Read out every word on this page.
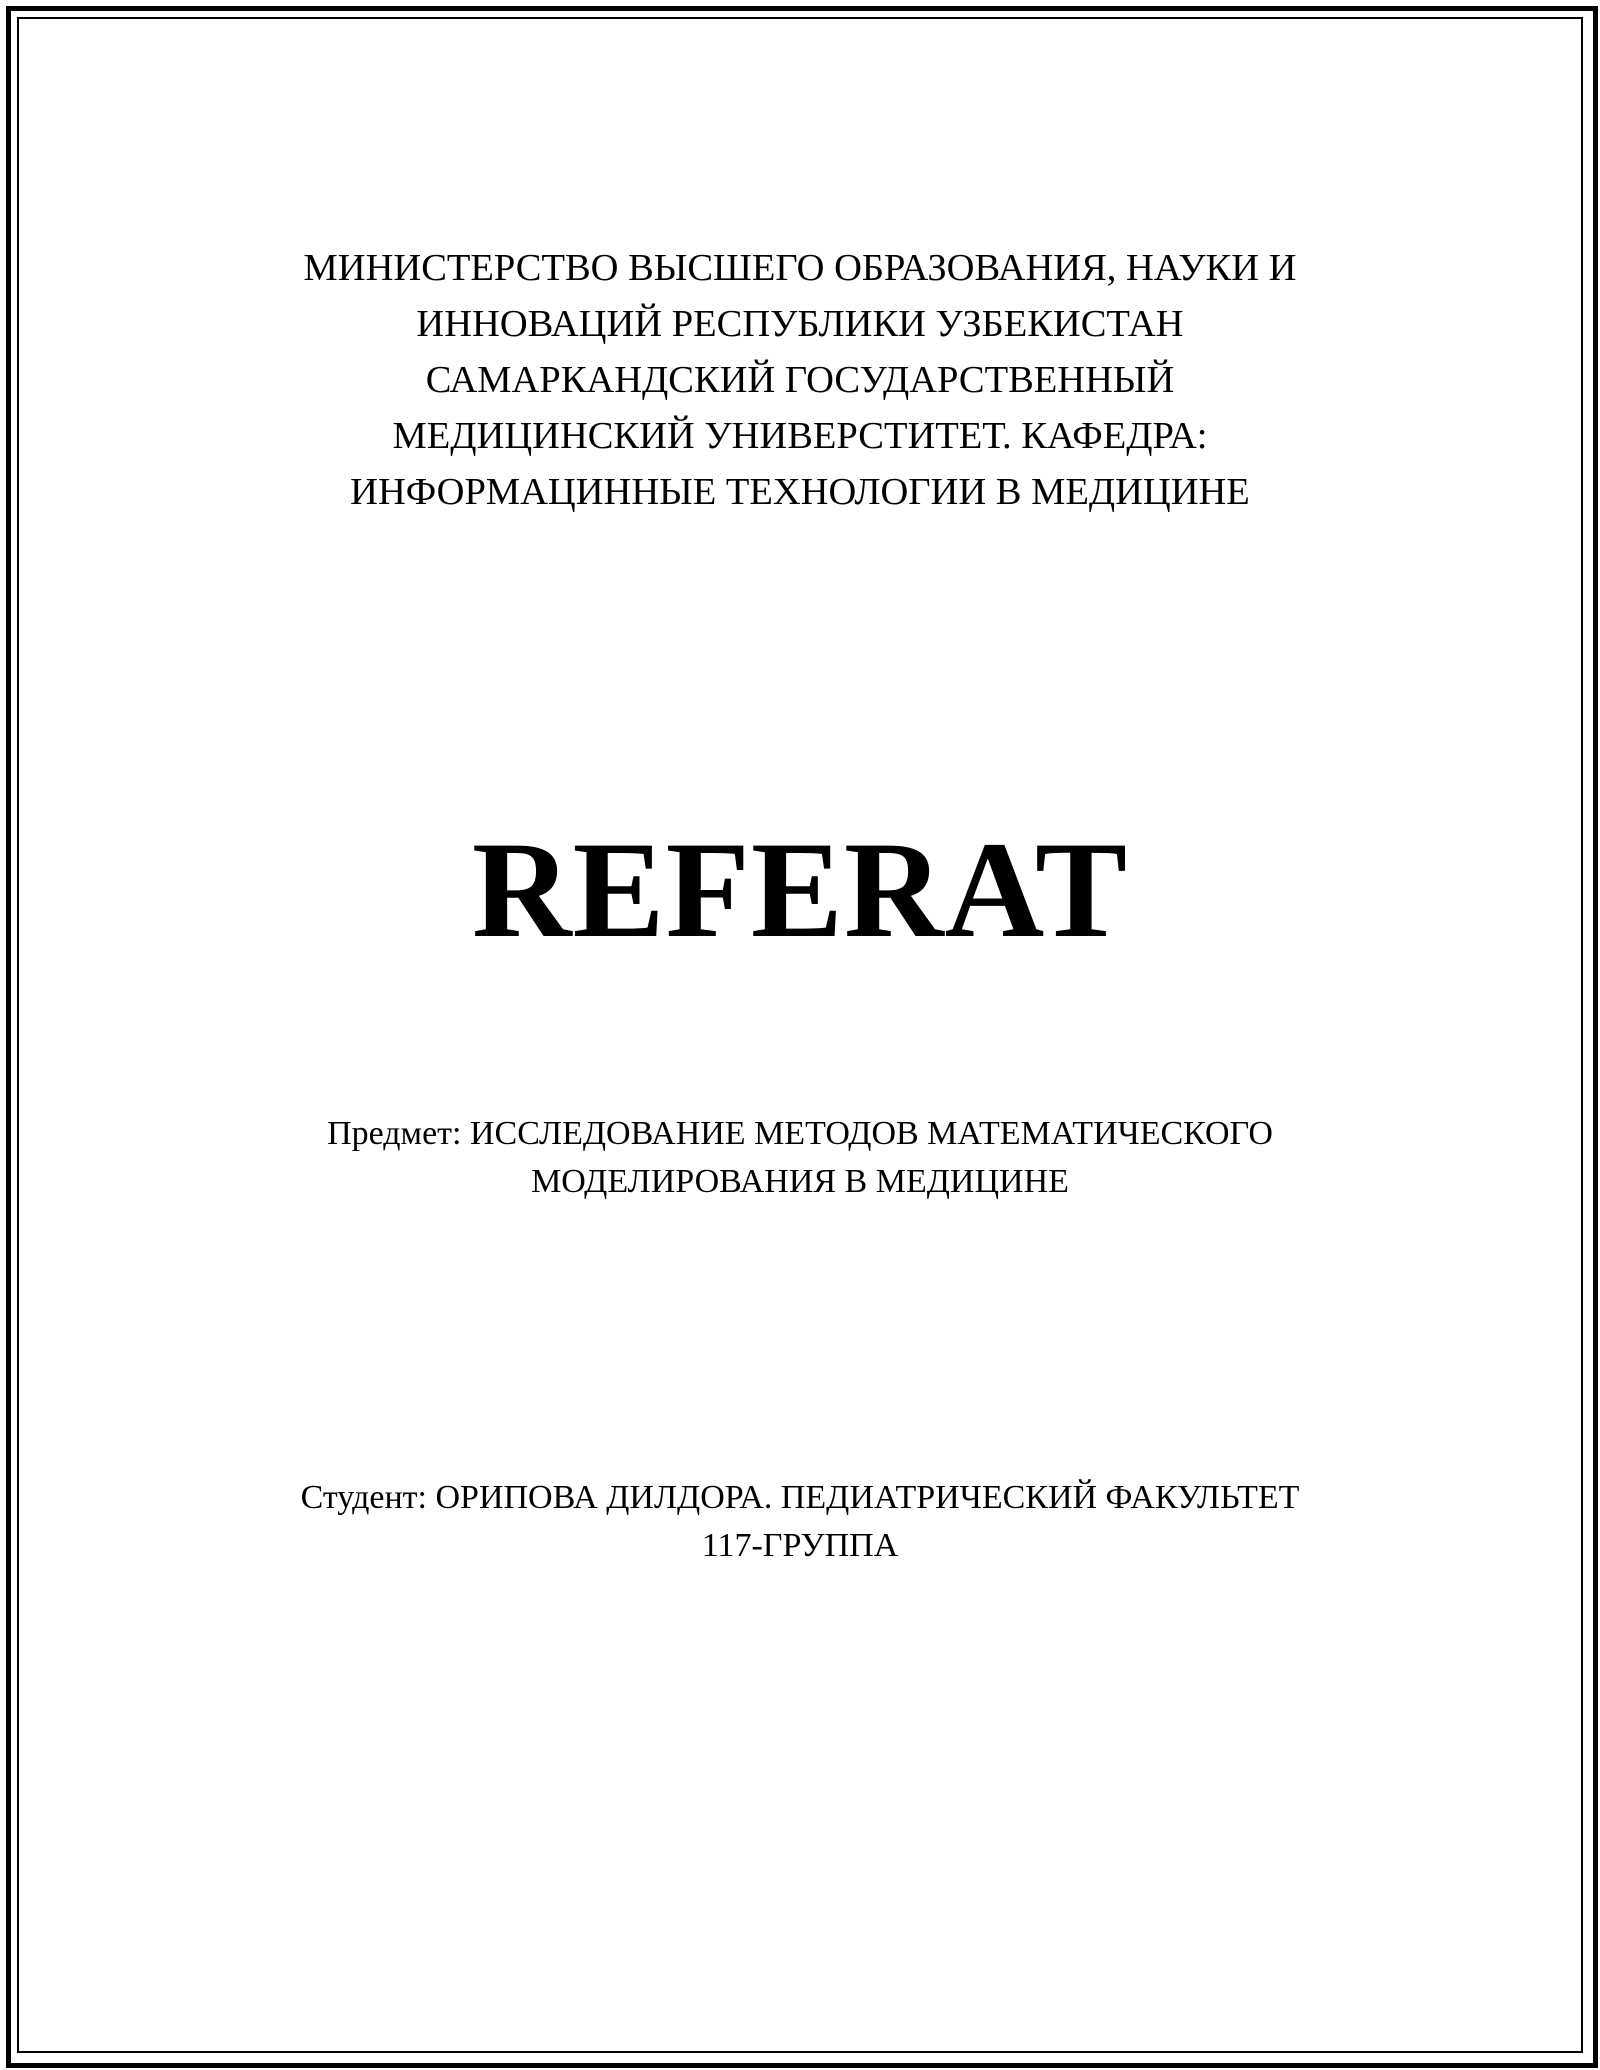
МИНИСТЕРСТВО ВЫСШЕГО ОБРАЗОВАНИЯ, НАУКИ И
ИННОВАЦИЙ РЕСПУБЛИКИ УЗБЕКИСТАН
САМАРКАНДСКИЙ ГОСУДАРСТВЕННЫЙ
МЕДИЦИНСКИЙ УНИВЕРСТИТЕТ. КАФЕДРА:
ИНФОРМАЦИННЫЕ ТЕХНОЛОГИИ В МЕДИЦИНЕ
REFERAT
Предмет: ИССЛЕДОВАНИЕ МЕТОДОВ МАТЕМАТИЧЕСКОГО
МОДЕЛИРОВАНИЯ В МЕДИЦИНЕ
Студент: ОРИПОВА ДИЛДОРА. ПЕДИАТРИЧЕСКИЙ ФАКУЛЬТЕТ
117-ГРУППА
